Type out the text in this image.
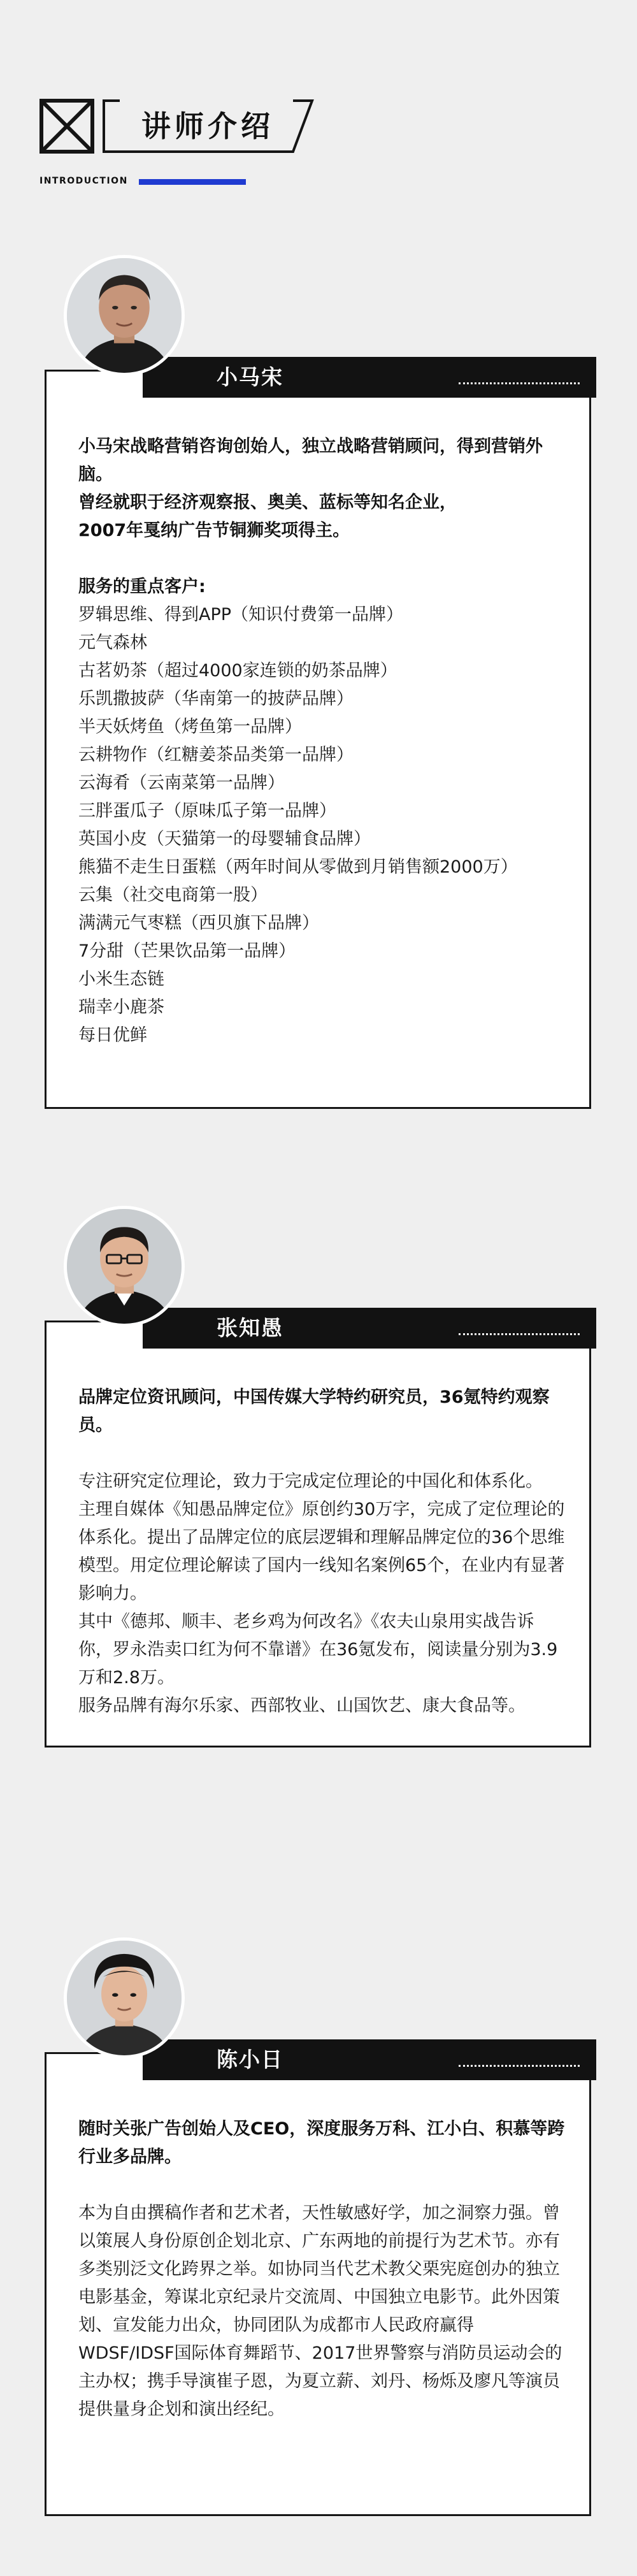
讲师介绍
INTRODUCTION

小马宋战略营销咨询创始人，独立战略营销顾问，得到营销外脑。

曾经就职于经济观察报、奥美、蓝标等知名企业，

2007年戛纳广告节铜狮奖项得主。

服务的重点客户:

罗辑思维、得到APP（知识付费第一品牌）

元气森林

古茗奶茶（超过4000家连锁的奶茶品牌）

乐凯撒披萨（华南第一的披萨品牌）

半天妖烤鱼（烤鱼第一品牌）

云耕物作（红糖姜茶品类第一品牌）

云海肴（云南菜第一品牌）

三胖蛋瓜子（原味瓜子第一品牌）

英国小皮（天猫第一的母婴辅食品牌）

熊猫不走生日蛋糕（两年时间从零做到月销售额2000万）

云集（社交电商第一股）

满满元气枣糕（西贝旗下品牌）

7分甜（芒果饮品第一品牌）

小米生态链

瑞幸小鹿茶

每日优鲜

小马宋

品牌定位资讯顾问，中国传媒大学特约研究员，36氪特约观察员。

专注研究定位理论，致力于完成定位理论的中国化和体系化。

主理自媒体《知愚品牌定位》原创约30万字，完成了定位理论的体系化。提出了品牌定位的底层逻辑和理解品牌定位的36个思维模型。用定位理论解读了国内一线知名案例65个，在业内有显著影响力。

其中《德邦、顺丰、老乡鸡为何改名》《农夫山泉用实战告诉你，罗永浩卖口红为何不靠谱》在36氪发布，阅读量分别为3.9万和2.8万。

服务品牌有海尔乐家、西部牧业、山国饮艺、康大食品等。

张知愚

随时关张广告创始人及CEO，深度服务万科、江小白、积慕等跨行业多品牌。

本为自由撰稿作者和艺术者，天性敏感好学，加之洞察力强。曾以策展人身份原创企划北京、广东两地的前提行为艺术节。亦有多类别泛文化跨界之举。如协同当代艺术教父栗宪庭创办的独立电影基金，筹谋北京纪录片交流周、中国独立电影节。此外因策划、宣发能力出众，协同团队为成都市人民政府赢得WDSF/IDSF国际体育舞蹈节、2017世界警察与消防员运动会的主办权；携手导演崔子恩，为夏立薪、刘丹、杨烁及廖凡等演员提供量身企划和演出经纪。

陈小日
